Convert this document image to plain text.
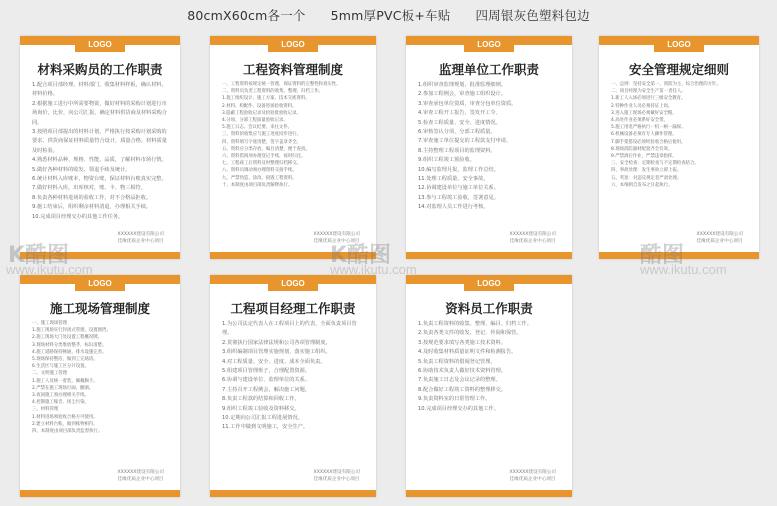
80cmX60cm各一个      5mm厚PVC板+车贴      四周银灰色塑料包边
LOGO
材料采购员的工作职责

1.配合项目部经理，材料部门，收集材料样板，确认材料，材料价格。

2.根据施工进行中所需要物资，做好材料的采购计划进行市场询价，比价，向公司汇报，确定材料供货商及材料采购合同。

3.按照项目部提出的材料计划，严格执行按采购计划采购的要求，供货商保证材料质量符合设计，质量合格，材料质量及时检验。

4.熟悉材料品种、规格、性能、品质，了解材料市场行情。

5.做好各种材料的收发、领退手续及统计。

6.统计材料入库账本，物资台账，保证材料台账真实完整。

7.做好材料入库，出库核对，账、卡、物三相符。

8.负责各种材料进场的验收工作，对不合格品拒收。

9.施工结束后，组织剩余材料清退，办理相关手续。

10.完成项目经理交办的其他工作任务。

XXXXXX建设有限公司
佳缘优质企业中心项目
LOGO
工程资料管理制度

一、工程资料按规定统一管理，保证资料的完整性和真实性。

二、资料员负责工程资料的收集、整理、归档工作。

1.施工组织设计、施工方案、技术交底资料。

2.材料、构配件、设备进场验收资料。

3.隐蔽工程验收记录及检验批验收记录。

4.分项、分部工程质量验收记录。

5.施工日志、会议纪要、来往文件。

三、资料的收集应与施工进度同步进行。

四、资料填写字迹清楚，签字盖章齐全。

五、资料应分类存放，编目清楚，便于查找。

六、资料借阅须办理登记手续，按时归还。

七、工程竣工后资料及时整理归档移交。

八、资料员调动须办理资料交接手续。

九、严禁伪造、涂改、损毁工程资料。

十、本制度由项目部负责解释执行。

XXXXXX建设有限公司
佳缘优质企业中心项目
LOGO
监理单位工作职责

1.组织审查监理规划，批准监理细则。

2.参加工程例会，审查施工组织设计。

3.审查承包单位资质，审查分包单位资质。

4.审查工程开工报告，签发开工令。

5.检查工程质量、安全、进度情况。

6.审核签认分项、分部工程质量。

7.审查施工单位提交的工程款支付申请。

8.主持整理工程项目的监理资料。

9.组织工程竣工预验收。

10.编写监理月报，监理工作总结。

11.处理工程质量、安全事故。

12.协调建设单位与施工单位关系。

13.参与工程竣工验收，签署意见。

14.对监理人员工作进行考核。

XXXXXX建设有限公司
佳缘优质企业中心项目
LOGO
安全管理规定细则

一、总则：坚持安全第一、预防为主、综合治理的方针。

二、项目经理为安全生产第一责任人。

1.新工人入场必须进行三级安全教育。

2.特种作业人员必须持证上岗。

3.进入施工现场必须戴好安全帽。

4.高处作业必须系好安全带。

5.施工用电严格执行一机一闸一漏保。

6.机械设备必须有专人操作管理。

7.脚手架搭设必须经验收合格后使用。

8.现场消防器材配置齐全有效。

9.严禁酒后作业，严禁违章指挥。

三、安全检查：定期检查与不定期检查结合。

四、事故处理：发生事故立即上报。

五、奖惩：对违反规定者严肃处理。

六、本细则自发布之日起执行。

XXXXXX建设有限公司
佳缘优质企业中心项目
LOGO
施工现场管理制度

一、施工现场管理

1.施工现场实行封闭式管理，设置围挡。

2.施工现场大门处设置工程概况牌。

3.现场材料分类堆放整齐，标识清楚。

4.施工道路保持畅通，排水设施完善。

5.现场保持整洁，做到工完场清。

6.生活区与施工区分开设置。

二、文明施工管理

1.施工人员统一着装，佩戴胸卡。

2.严禁在施工现场打闹、酗酒。

3.夜间施工须办理相关手续。

4.控制施工噪音、扬尘污染。

三、材料管理

1.材料进场须验收合格方可使用。

2.建立材料台账，做到账物相符。

四、本制度由项目部负责监督执行。

XXXXXX建设有限公司
佳缘优质企业中心项目
LOGO
工程项目经理工作职责

1.为公司法定代表人在工程项目上的代表，全面负责项目管理。

2.贯彻执行国家法律法规和公司各项管理制度。

3.组织编制项目管理实施规划，落实施工组织。

4.对工程质量、安全、进度、成本全面负责。

5.组建项目管理班子，合理配置资源。

6.协调与建设单位、监理单位的关系。

7.主持召开工程例会，解决施工问题。

8.负责工程款的结算和回收工作。

9.组织工程竣工验收及资料移交。

10.定期向公司汇报工程进展情况。

11.工作中做到文明施工，安全生产。

XXXXXX建设有限公司
佳缘优质企业中心项目
LOGO
资料员工作职责

1.负责工程资料的收集、整理、编目、归档工作。

2.负责各类文件的收发、登记、传阅和保管。

3.按规范要求填写各类施工技术资料。

4.及时收集材料质量证明文件和检测报告。

5.负责工程资料的借阅登记管理。

6.协助技术负责人做好技术资料管理。

7.负责施工日志及会议记录的整理。

8.配合做好工程竣工资料的整理移交。

9.负责资料室的日常管理工作。

10.完成项目经理交办的其他工作。

XXXXXX建设有限公司
佳缘优质企业中心项目
K酷图
www.ikutu.com
K酷图
www.ikutu.com
酷图
www.ikutu.com
